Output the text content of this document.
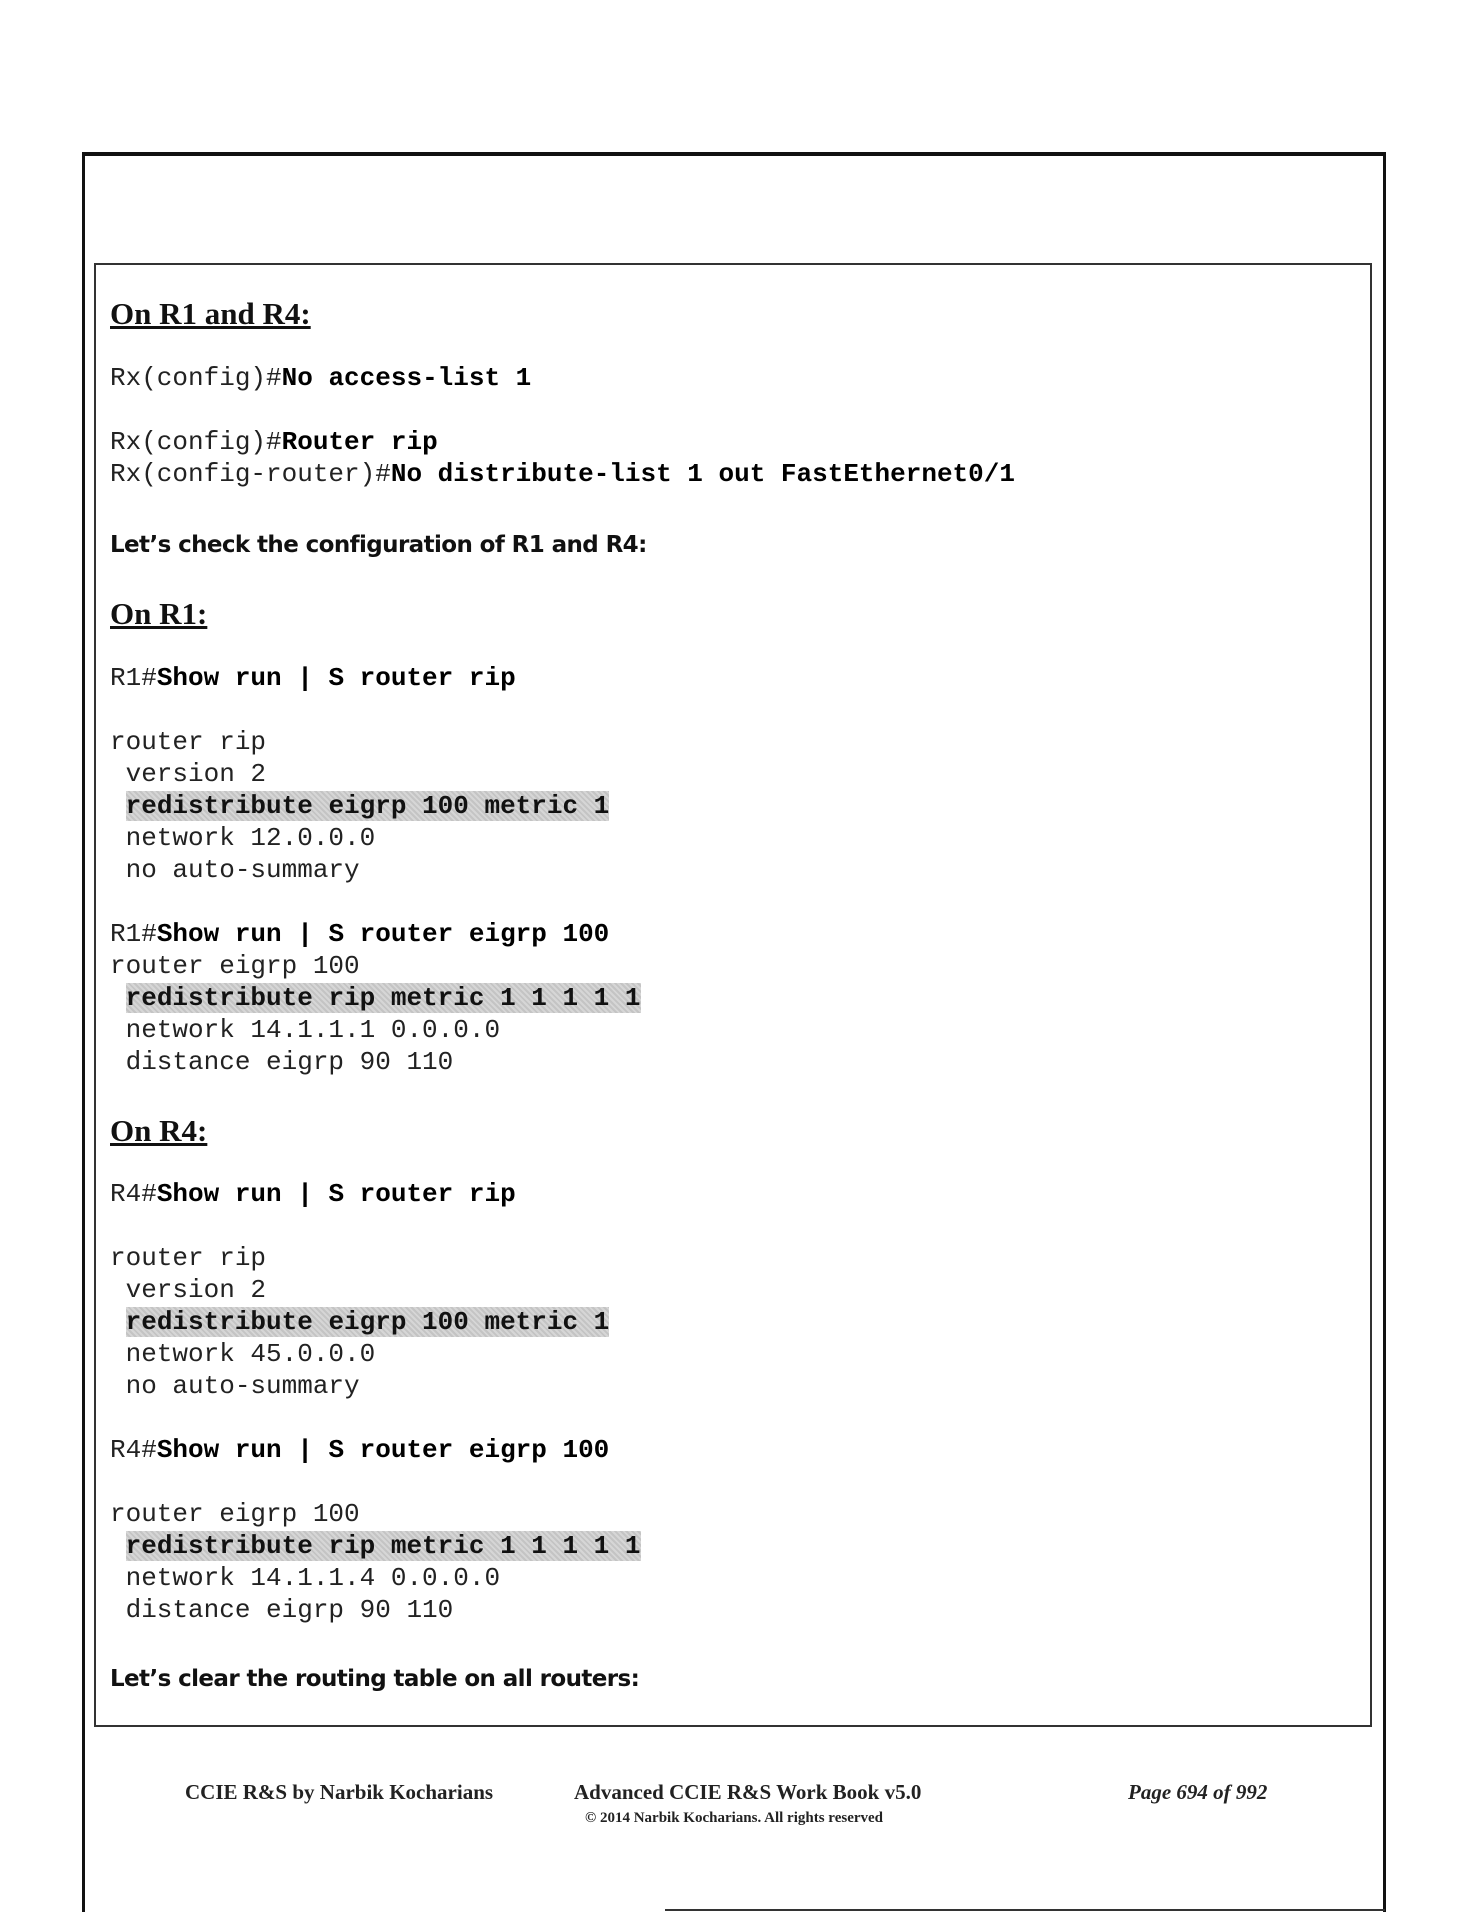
On R1 and R4:
Rx(config)#No access-list 1
Rx(config)#Router rip
Rx(config-router)#No distribute-list 1 out FastEthernet0/1
Let’s check the configuration of R1 and R4:
On R1:
R1#Show run | S router rip
router rip
version 2
redistribute eigrp 100 metric 1
network 12.0.0.0
no auto-summary
R1#Show run | S router eigrp 100
router eigrp 100
redistribute rip metric 1 1 1 1 1
network 14.1.1.1 0.0.0.0
distance eigrp 90 110
On R4:
R4#Show run | S router rip
router rip
version 2
redistribute eigrp 100 metric 1
network 45.0.0.0
no auto-summary
R4#Show run | S router eigrp 100
router eigrp 100
redistribute rip metric 1 1 1 1 1
network 14.1.1.4 0.0.0.0
distance eigrp 90 110
Let’s clear the routing table on all routers:
CCIE R&S by Narbik Kocharians	Advanced CCIE R&S Work Book v5.0
© 2014 Narbik Kocharians. All rights reserved
Page 694 of 992
